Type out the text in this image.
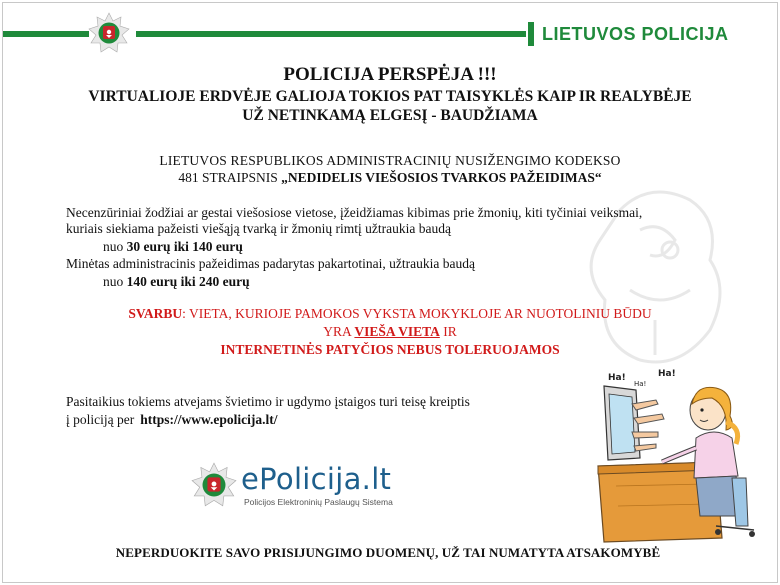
LIETUVOS POLICIJA
POLICIJA PERSPĖJA !!!
VIRTUALIOJE ERDVĖJE GALIOJA TOKIOS PAT TAISYKLĖS KAIP IR REALYBĖJE
UŽ NETINKAMĄ ELGESĮ - BAUDŽIAMA
LIETUVOS RESPUBLIKOS ADMINISTRACINIŲ NUSIŽENGIMO KODEKSO
481 STRAIPSNIS „NEDIDELIS VIEŠOSIOS TVARKOS PAŽEIDIMAS“
Necenzūriniai žodžiai ar gestai viešosiose vietose, įžeidžiamas kibimas prie žmonių, kiti tyčiniai veiksmai,
kuriais siekiama pažeisti viešąją tvarką ir žmonių rimtį užtraukia baudą
nuo 30 eurų iki 140 eurų
Minėtas administracinis pažeidimas padarytas pakartotinai, užtraukia baudą
nuo 140 eurų iki 240 eurų
SVARBU: VIETA, KURIOJE PAMOKOS VYKSTA MOKYKLOJE AR NUOTOLINIU BŪDU
YRA VIEŠA VIETA IR
INTERNETINĖS PATYČIOS NEBUS TOLERUOJAMOS
Pasitaikius tokiems atvejams švietimo ir ugdymo įstaigos turi teisę kreiptis
į policiją per https://www.epolicija.lt/
ePolicija.lt
Policijos Elektroninių Paslaugų Sistema
Ha!
Ha!
Ha!
NEPERDUOKITE SAVO PRISIJUNGIMO DUOMENŲ, UŽ TAI NUMATYTA ATSAKOMYBĖ
